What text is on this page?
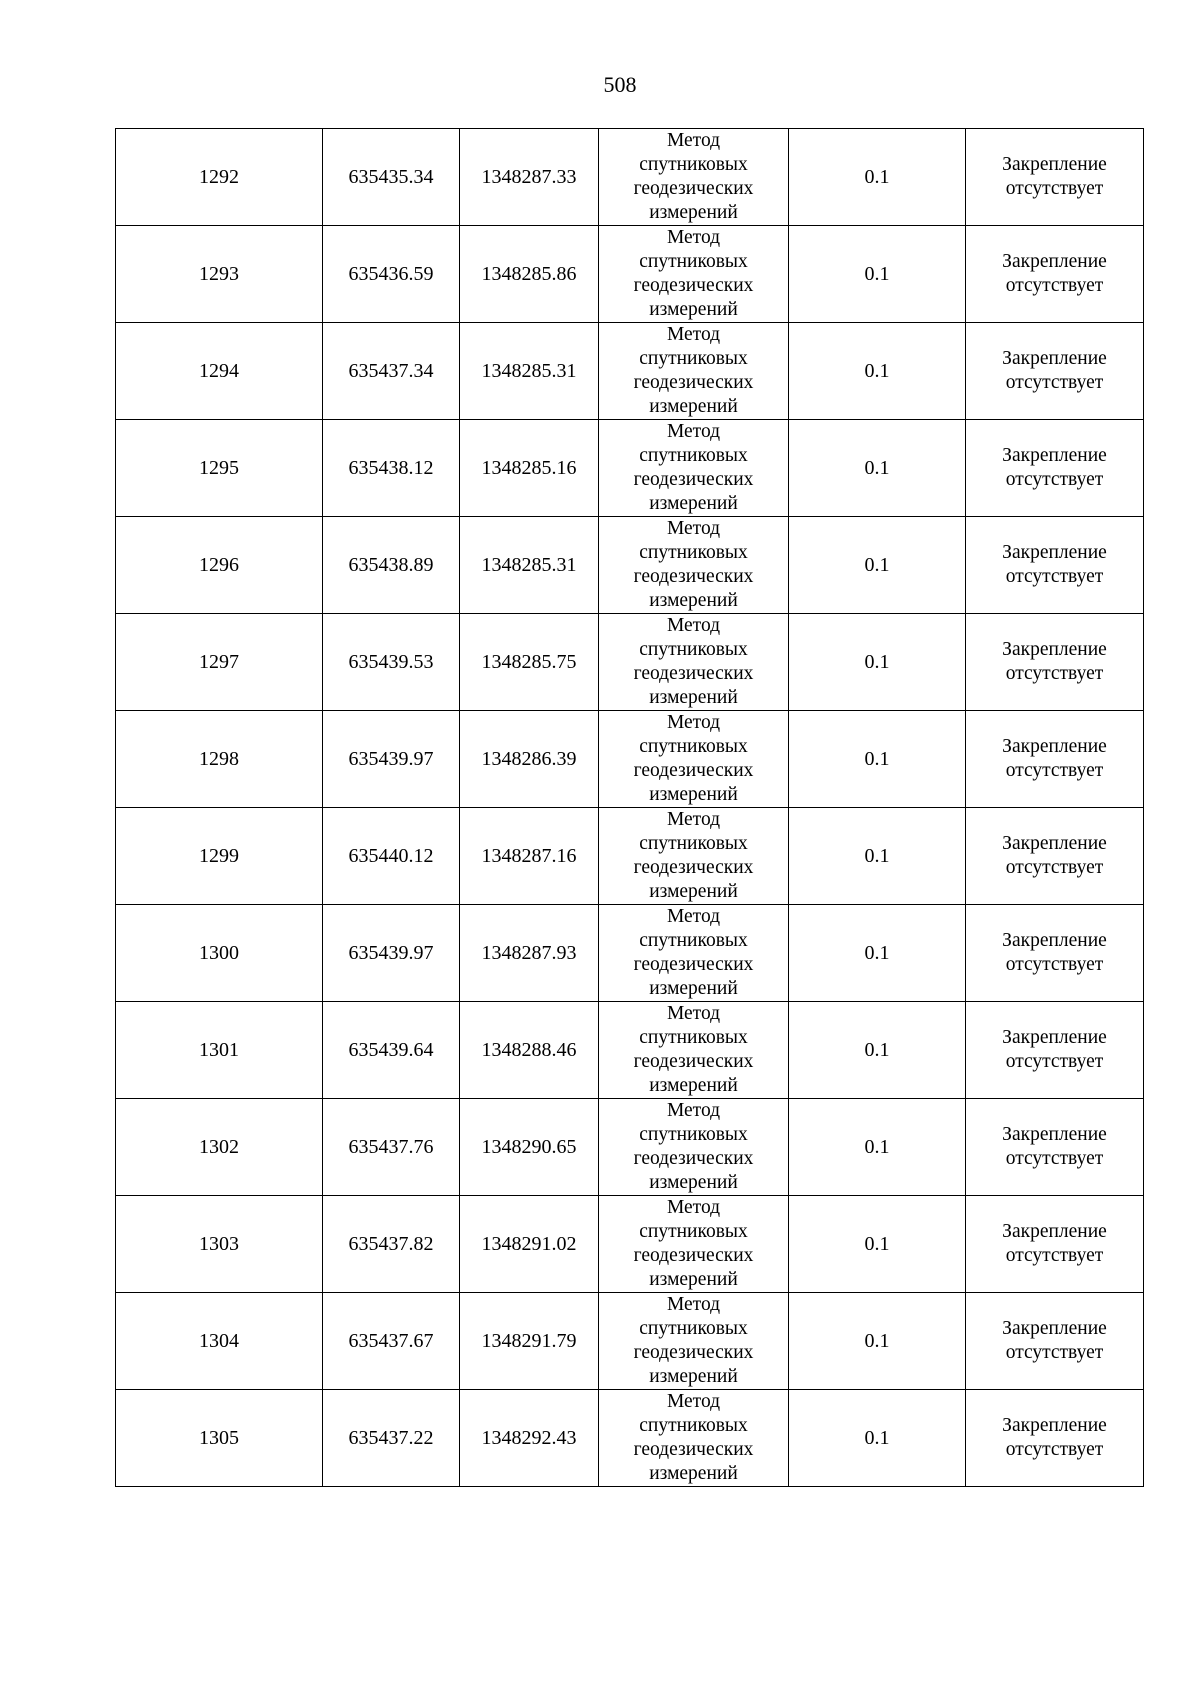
508
1292	635435.34	1348287.33	Метод
спутниковых
геодезических
измерений	0.1	Закрепление
отсутствует

1293	635436.59	1348285.86	Метод
спутниковых
геодезических
измерений	0.1	Закрепление
отсутствует

1294	635437.34	1348285.31	Метод
спутниковых
геодезических
измерений	0.1	Закрепление
отсутствует

1295	635438.12	1348285.16	Метод
спутниковых
геодезических
измерений	0.1	Закрепление
отсутствует

1296	635438.89	1348285.31	Метод
спутниковых
геодезических
измерений	0.1	Закрепление
отсутствует

1297	635439.53	1348285.75	Метод
спутниковых
геодезических
измерений	0.1	Закрепление
отсутствует

1298	635439.97	1348286.39	Метод
спутниковых
геодезических
измерений	0.1	Закрепление
отсутствует

1299	635440.12	1348287.16	Метод
спутниковых
геодезических
измерений	0.1	Закрепление
отсутствует

1300	635439.97	1348287.93	Метод
спутниковых
геодезических
измерений	0.1	Закрепление
отсутствует

1301	635439.64	1348288.46	Метод
спутниковых
геодезических
измерений	0.1	Закрепление
отсутствует

1302	635437.76	1348290.65	Метод
спутниковых
геодезических
измерений	0.1	Закрепление
отсутствует

1303	635437.82	1348291.02	Метод
спутниковых
геодезических
измерений	0.1	Закрепление
отсутствует

1304	635437.67	1348291.79	Метод
спутниковых
геодезических
измерений	0.1	Закрепление
отсутствует

1305	635437.22	1348292.43	Метод
спутниковых
геодезических
измерений	0.1	Закрепление
отсутствует
